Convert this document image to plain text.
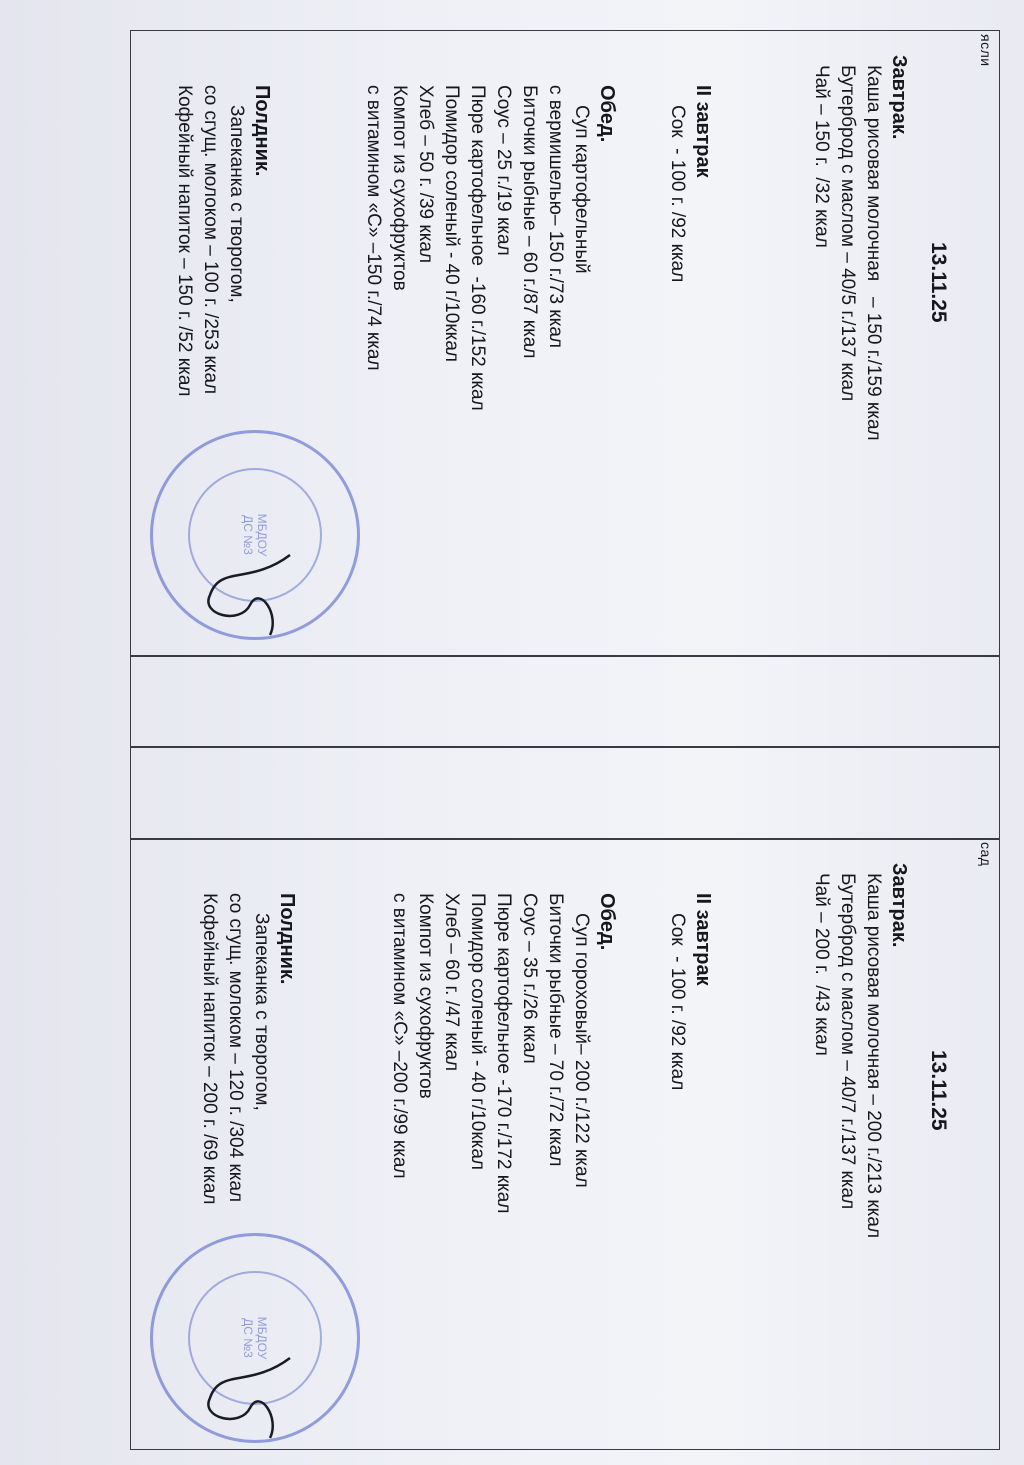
ясли
13.11.25

Завтрак.

Каша рисовая молочная   – 150 г./159 ккал

Бутерброд с маслом – 40/5 г./137 ккал

Чай – 150 г.  /32 ккал

II завтрак

Сок  - 100 г. /92 ккал

Обед.

Суп картофельный

с вермишелью– 150 г./73 ккал

Биточки рыбные – 60 г./87 ккал

Соус – 25 г./19 ккал

Пюре картофельное  -160 г./152 ккал

Помидор соленый - 40 г/10ккал

Хлеб – 50 г. /39 ккал

Компот из сухофруктов

с витамином «С» –150 г./74 ккал

Полдник.

Запеканка с творогом,

со сгущ. молоком – 100 г. /253 ккал

Кофейный напиток – 150 г. /52 ккал

МБДОУ
ДС №3
сад
13.11.25

Завтрак.

Каша рисовая молочная – 200 г./213 ккал

Бутерброд с маслом – 40/7 г./137 ккал

Чай – 200 г.  /43 ккал

II завтрак

Сок  - 100 г. /92 ккал

Обед.

Суп гороховый– 200 г./122 ккал

Биточки рыбные – 70 г./72 ккал

Соус – 35 г./26 ккал

Пюре картофельное -170 г./172 ккал

Помидор соленый - 40 г/10ккал

Хлеб – 60 г. /47 ккал

Компот из сухофруктов

с витамином «С» –200 г./99 ккал

Полдник.

Запеканка с творогом,

со сгущ. молоком – 120 г. /304 ккал

Кофейный напиток – 200 г. /69 ккал

МБДОУ
ДС №3
